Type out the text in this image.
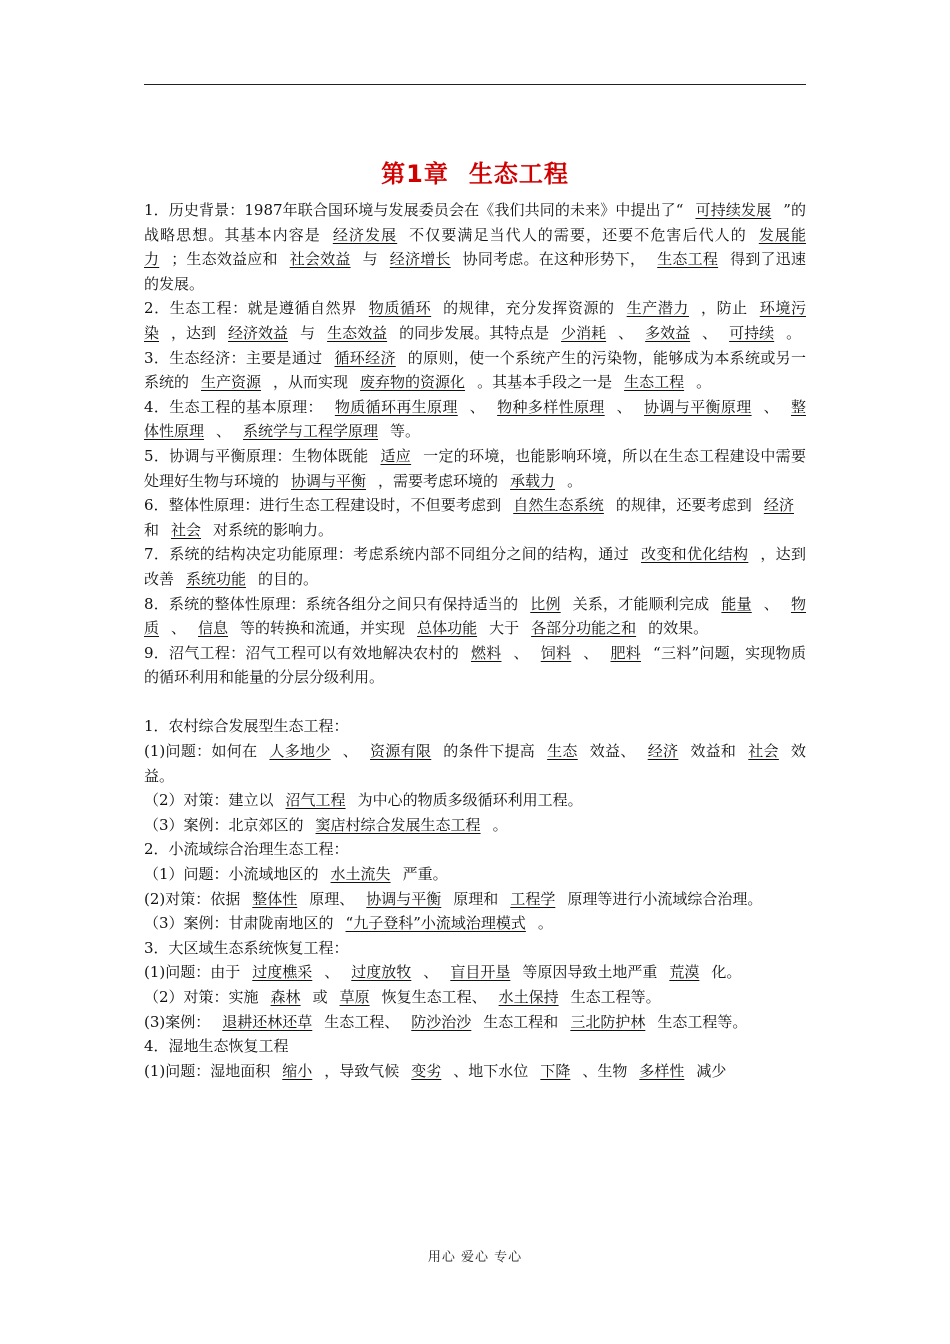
第1章 生态工程

1．历史背景：1987年联合国环境与发展委员会在《我们共同的未来》中提出了“ 可持续发展 ”的战略思想。其基本内容是 经济发展 不仅要满足当代人的需要，还要不危害后代人的 发展能力 ；生态效益应和 社会效益 与 经济增长 协同考虑。在这种形势下， 生态工程 得到了迅速的发展。

2．生态工程：就是遵循自然界 物质循环 的规律，充分发挥资源的 生产潜力 ，防止 环境污染 ，达到 经济效益 与 生态效益 的同步发展。其特点是 少消耗 、 多效益 、 可持续 。

3．生态经济：主要是通过 循环经济 的原则，使一个系统产生的污染物，能够成为本系统或另一系统的 生产资源 ，从而实现 废弃物的资源化 。其基本手段之一是 生态工程 。

4．生态工程的基本原理： 物质循环再生原理 、 物种多样性原理 、 协调与平衡原理 、 整体性原理 、 系统学与工程学原理 等。

5．协调与平衡原理：生物体既能 适应 一定的环境，也能影响环境，所以在生态工程建设中需要处理好生物与环境的 协调与平衡 ，需要考虑环境的 承载力 。

6．整体性原理：进行生态工程建设时，不但要考虑到 自然生态系统 的规律，还要考虑到 经济和 社会 对系统的影响力。

7．系统的结构决定功能原理：考虑系统内部不同组分之间的结构，通过 改变和优化结构 ，达到改善 系统功能 的目的。

8．系统的整体性原理：系统各组分之间只有保持适当的 比例 关系，才能顺利完成 能量 、 物质 、 信息 等的转换和流通，并实现 总体功能 大于 各部分功能之和 的效果。

9．沼气工程：沼气工程可以有效地解决农村的 燃料 、 饲料 、 肥料 “三料”问题，实现物质的循环利用和能量的分层分级利用。

1．农村综合发展型生态工程：

(1)问题：如何在 人多地少 、 资源有限 的条件下提高 生态 效益、 经济 效益和 社会 效益。

（2）对策：建立以 沼气工程 为中心的物质多级循环利用工程。

（3）案例：北京郊区的 窦店村综合发展生态工程 。

2．小流域综合治理生态工程：

（1）问题：小流域地区的 水土流失 严重。

(2)对策：依据 整体性 原理、 协调与平衡 原理和 工程学 原理等进行小流域综合治理。

（3）案例：甘肃陇南地区的 “九子登科”小流域治理模式 。

3．大区域生态系统恢复工程：

(1)问题：由于 过度樵采 、 过度放牧 、 盲目开垦 等原因导致土地严重 荒漠 化。

（2）对策：实施 森林 或 草原 恢复生态工程、 水土保持 生态工程等。

(3)案例： 退耕还林还草 生态工程、 防沙治沙 生态工程和 三北防护林 生态工程等。

4．湿地生态恢复工程

(1)问题：湿地面积 缩小 ，导致气候 变劣 、地下水位 下降 、生物 多样性 减少

用心 爱心 专心
